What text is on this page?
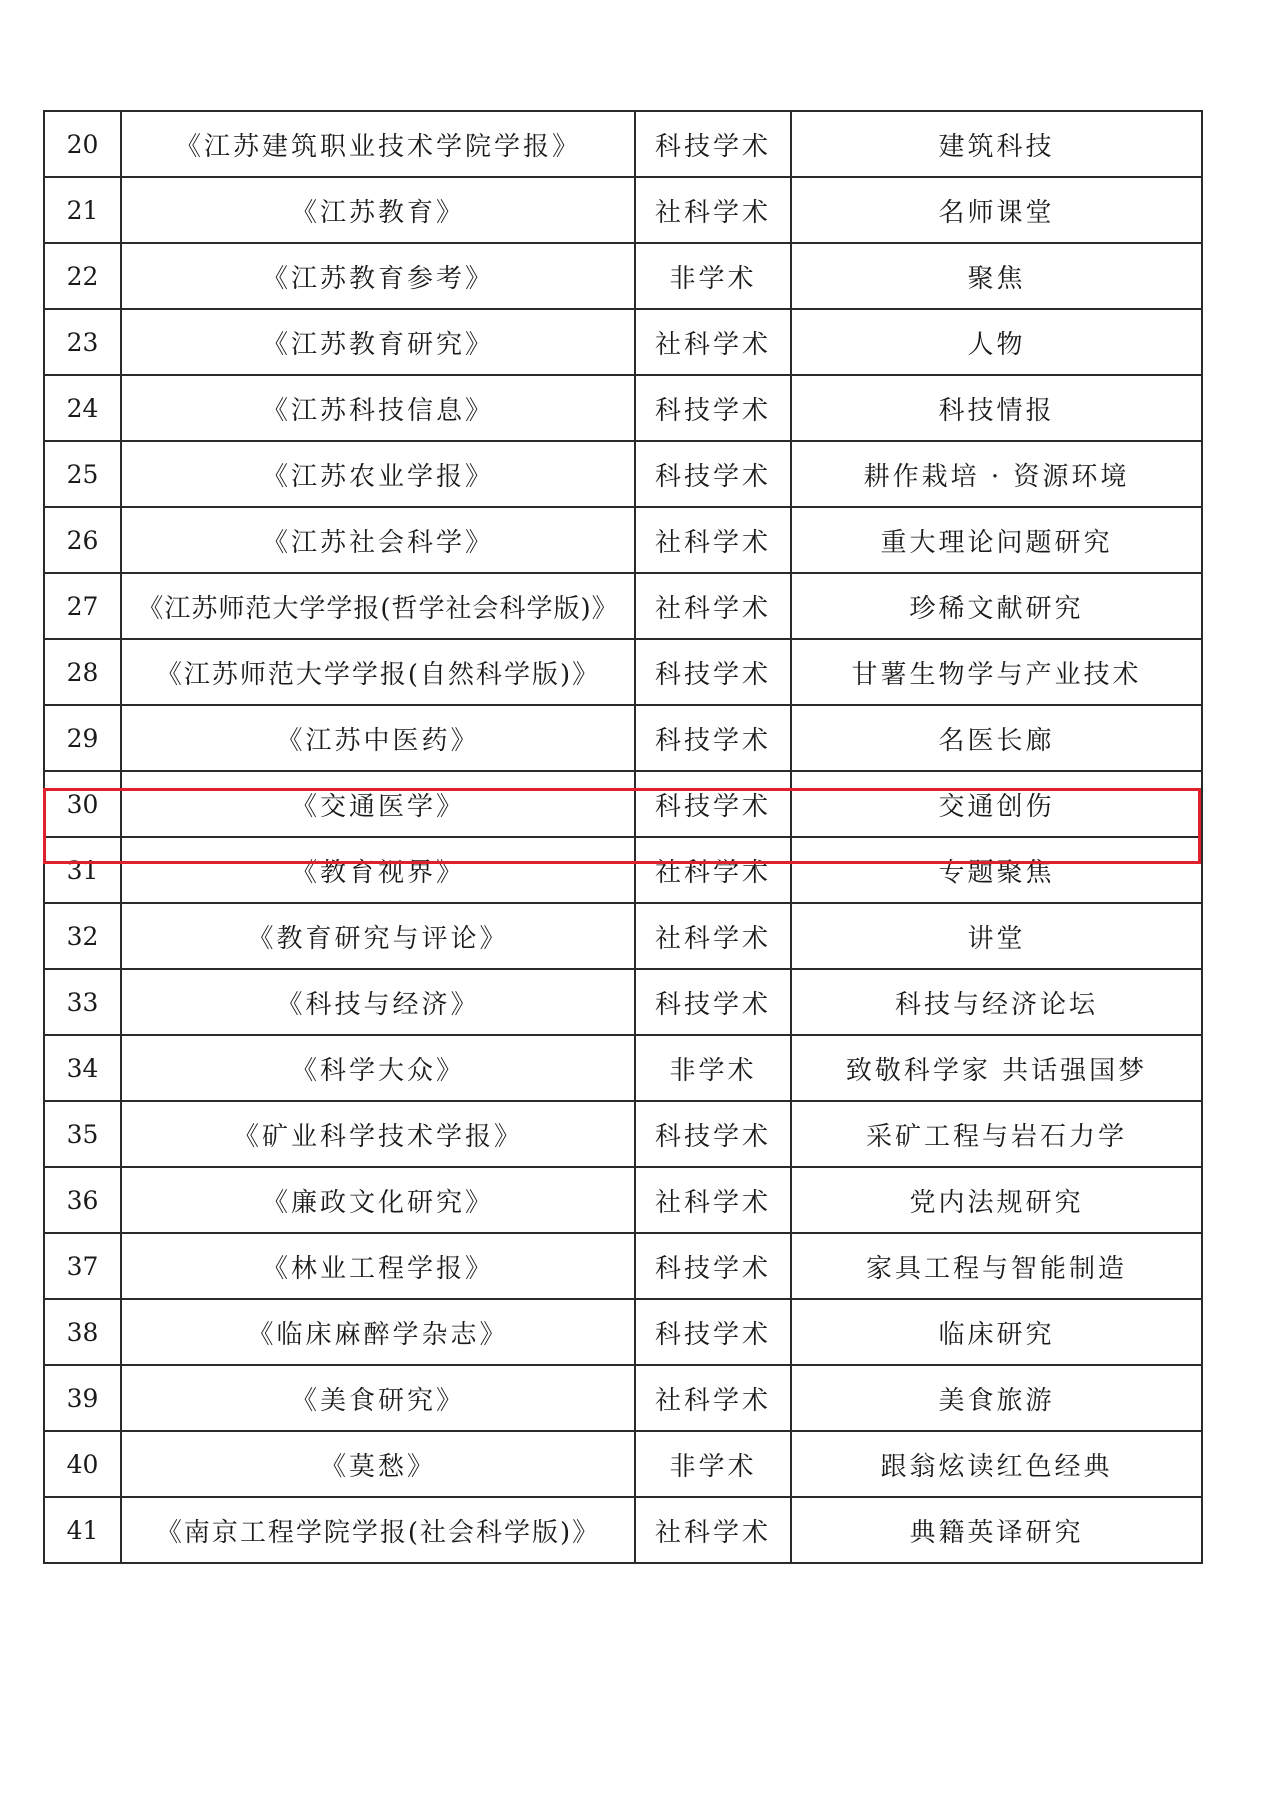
20	《江苏建筑职业技术学院学报》	科技学术	建筑科技
21	《江苏教育》	社科学术	名师课堂
22	《江苏教育参考》	非学术	聚焦
23	《江苏教育研究》	社科学术	人物
24	《江苏科技信息》	科技学术	科技情报
25	《江苏农业学报》	科技学术	耕作栽培 · 资源环境
26	《江苏社会科学》	社科学术	重大理论问题研究
27	《江苏师范大学学报(哲学社会科学版)》	社科学术	珍稀文献研究
28	《江苏师范大学学报(自然科学版)》	科技学术	甘薯生物学与产业技术
29	《江苏中医药》	科技学术	名医长廊
30	《交通医学》	科技学术	交通创伤
31	《教育视界》	社科学术	专题聚焦
32	《教育研究与评论》	社科学术	讲堂
33	《科技与经济》	科技学术	科技与经济论坛
34	《科学大众》	非学术	致敬科学家 共话强国梦
35	《矿业科学技术学报》	科技学术	采矿工程与岩石力学
36	《廉政文化研究》	社科学术	党内法规研究
37	《林业工程学报》	科技学术	家具工程与智能制造
38	《临床麻醉学杂志》	科技学术	临床研究
39	《美食研究》	社科学术	美食旅游
40	《莫愁》	非学术	跟翁炫读红色经典
41	《南京工程学院学报(社会科学版)》	社科学术	典籍英译研究
